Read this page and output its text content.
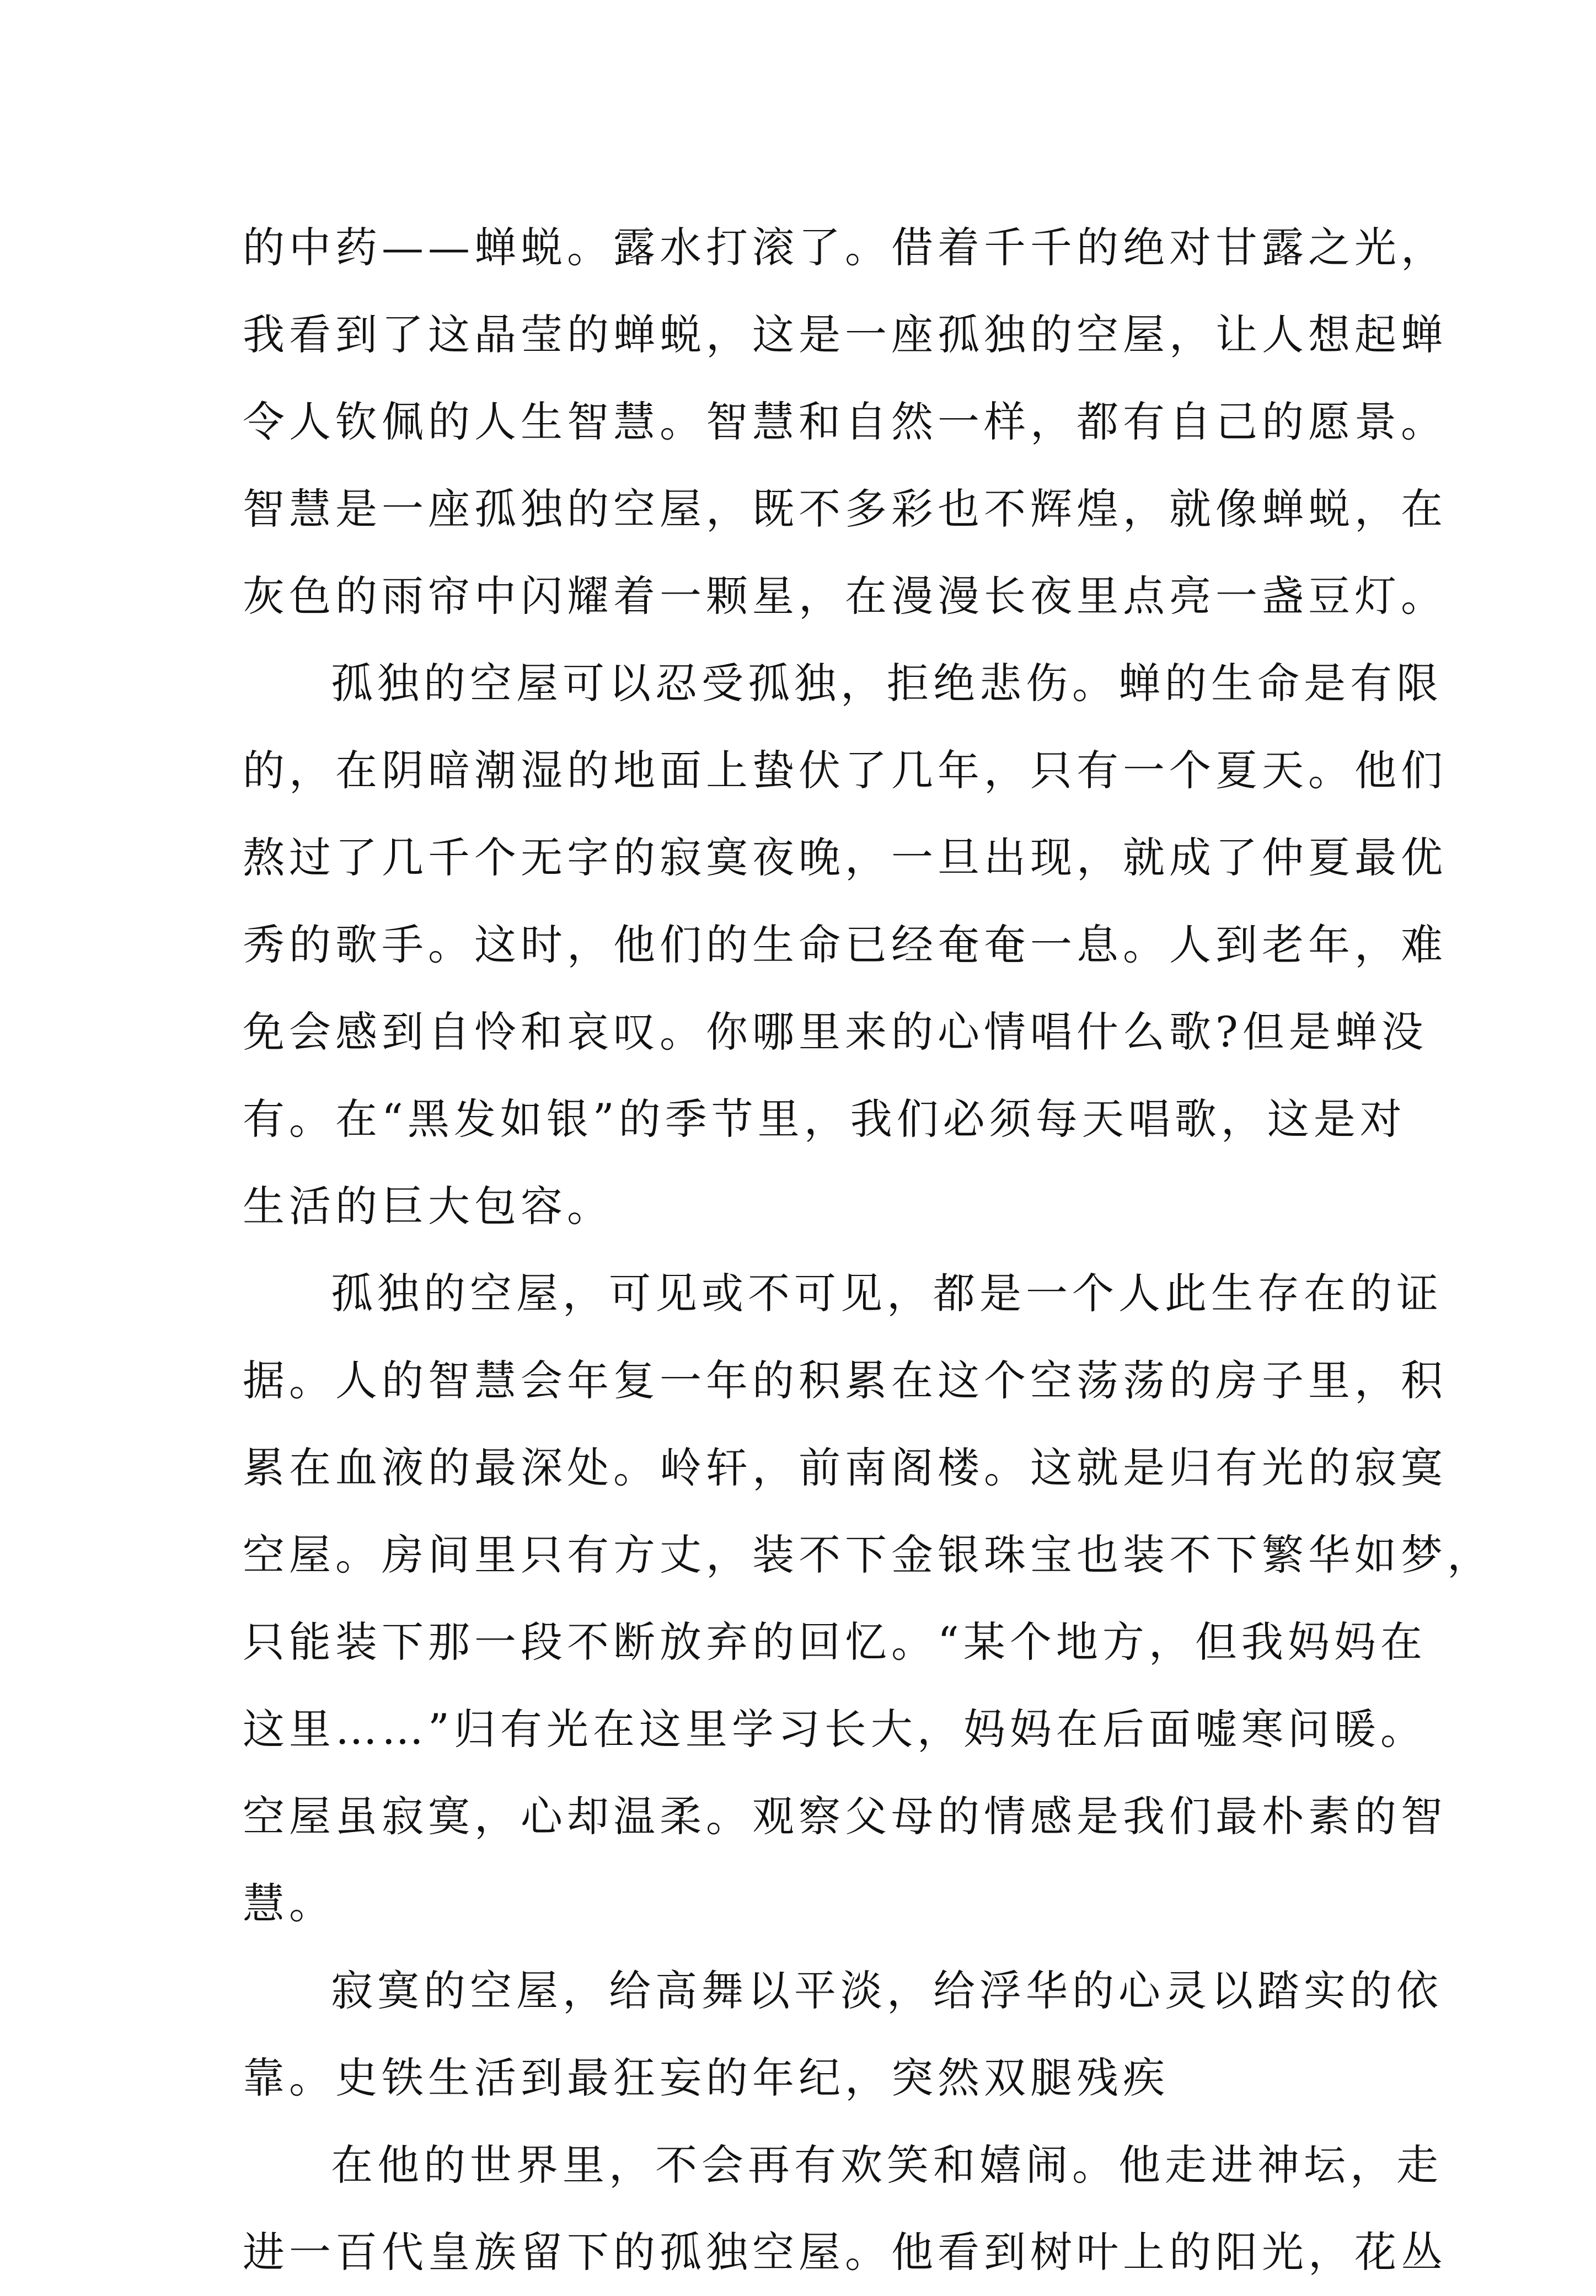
的中药——蝉蜕。露水打滚了。借着千千的绝对甘露之光，
我看到了这晶莹的蝉蜕，这是一座孤独的空屋，让人想起蝉
令人钦佩的人生智慧。智慧和自然一样，都有自己的愿景。
智慧是一座孤独的空屋，既不多彩也不辉煌，就像蝉蜕，在
灰色的雨帘中闪耀着一颗星，在漫漫长夜里点亮一盏豆灯。
孤独的空屋可以忍受孤独，拒绝悲伤。蝉的生命是有限
的，在阴暗潮湿的地面上蛰伏了几年，只有一个夏天。他们
熬过了几千个无字的寂寞夜晚，一旦出现，就成了仲夏最优
秀的歌手。这时，他们的生命已经奄奄一息。人到老年，难
免会感到自怜和哀叹。你哪里来的心情唱什么歌?但是蝉没
有。在“黑发如银”的季节里，我们必须每天唱歌，这是对
生活的巨大包容。
孤独的空屋，可见或不可见，都是一个人此生存在的证
据。人的智慧会年复一年的积累在这个空荡荡的房子里，积
累在血液的最深处。岭轩，前南阁楼。这就是归有光的寂寞
空屋。房间里只有方丈，装不下金银珠宝也装不下繁华如梦，
只能装下那一段不断放弃的回忆。“某个地方，但我妈妈在
这里……”归有光在这里学习长大，妈妈在后面嘘寒问暖。
空屋虽寂寞，心却温柔。观察父母的情感是我们最朴素的智
慧。
寂寞的空屋，给高舞以平淡，给浮华的心灵以踏实的依
靠。史铁生活到最狂妄的年纪，突然双腿残疾
在他的世界里，不会再有欢笑和嬉闹。他走进神坛，走
进一百代皇族留下的孤独空屋。他看到树叶上的阳光，花丛
